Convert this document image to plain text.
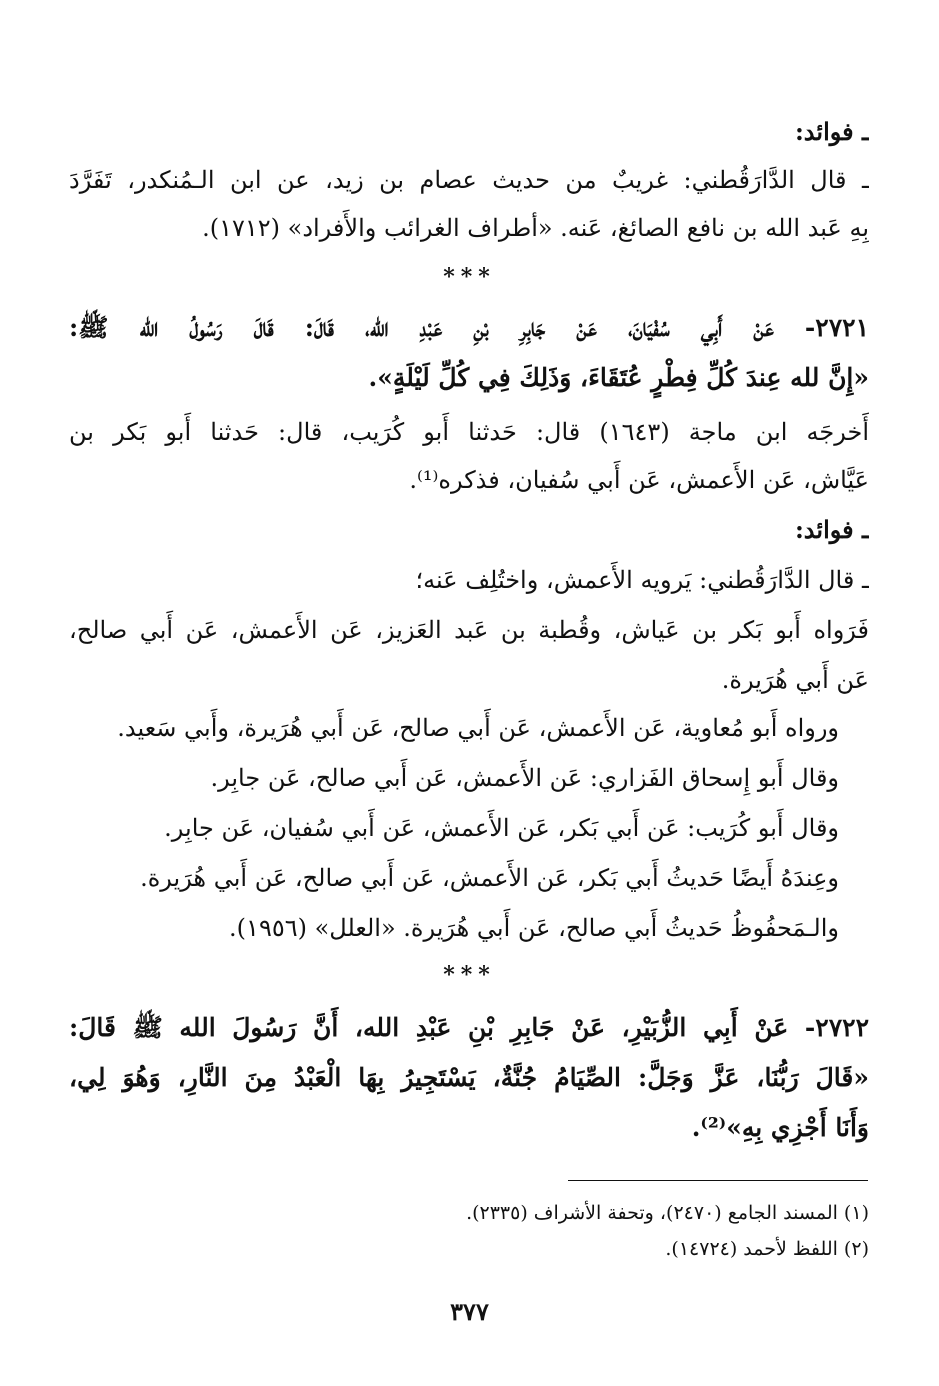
ـ فوائد:
ـ قال الدَّارَقُطني: غريبٌ من حديث عصام بن زيد، عن ابن الـمُنكدر، تَفَرَّدَ
بِهِ عَبد الله بن نافع الصائغ، عَنه. «أطراف الغرائب والأَفراد» (١٧١٢).
***
٢٧٢١- عَنْ أَبِي سُفْيَانَ، عَنْ جَابِرِ بْنِ عَبْدِ الله، قَالَ: قَالَ رَسُولُ الله ﷺ:
«إِنَّ لله عِندَ كُلِّ فِطْرٍ عُتَقَاءَ، وَذَلِكَ فِي كُلِّ لَيْلَةٍ».
أَخرجَه ابن ماجة (١٦٤٣) قال: حَدثنا أَبو كُرَيب، قال: حَدثنا أَبو بَكر بن
عَيَّاش، عَن الأَعمش، عَن أَبي سُفيان، فذكره⁽¹⁾.
ـ فوائد:
ـ قال الدَّارَقُطني: يَرويه الأَعمش، واختُلِف عَنه؛
فَرَواه أَبو بَكر بن عَياش، وقُطبة بن عَبد العَزيز، عَن الأَعمش، عَن أَبي صالح،
عَن أَبي هُرَيرة.
ورواه أَبو مُعاوية، عَن الأَعمش، عَن أَبي صالح، عَن أَبي هُرَيرة، وأَبي سَعيد.
وقال أَبو إِسحاق الفَزاري: عَن الأَعمش، عَن أَبي صالح، عَن جابِر.
وقال أَبو كُرَيب: عَن أَبي بَكر، عَن الأَعمش، عَن أَبي سُفيان، عَن جابِر.
وعِندَهُ أَيضًا حَديثُ أَبي بَكر، عَن الأَعمش، عَن أَبي صالح، عَن أَبي هُرَيرة.
والـمَحفُوظُ حَديثُ أَبي صالح، عَن أَبي هُرَيرة. «العلل» (١٩٥٦).
***
٢٧٢٢- عَنْ أَبِي الزُّبَيْرِ، عَنْ جَابِرِ بْنِ عَبْدِ الله، أَنَّ رَسُولَ الله ﷺ قَالَ:
«قَالَ رَبُّنَا، عَزَّ وَجَلَّ: الصِّيَامُ جُنَّةٌ، يَسْتَجِيرُ بِهَا الْعَبْدُ مِنَ النَّارِ، وَهُوَ لِي،
وَأَنَا أَجْزِي بِهِ»⁽²⁾.
(١) المسند الجامع (٢٤٧٠)، وتحفة الأشراف (٢٣٣٥).
(٢) اللفظ لأحمد (١٤٧٢٤).
٣٧٧
